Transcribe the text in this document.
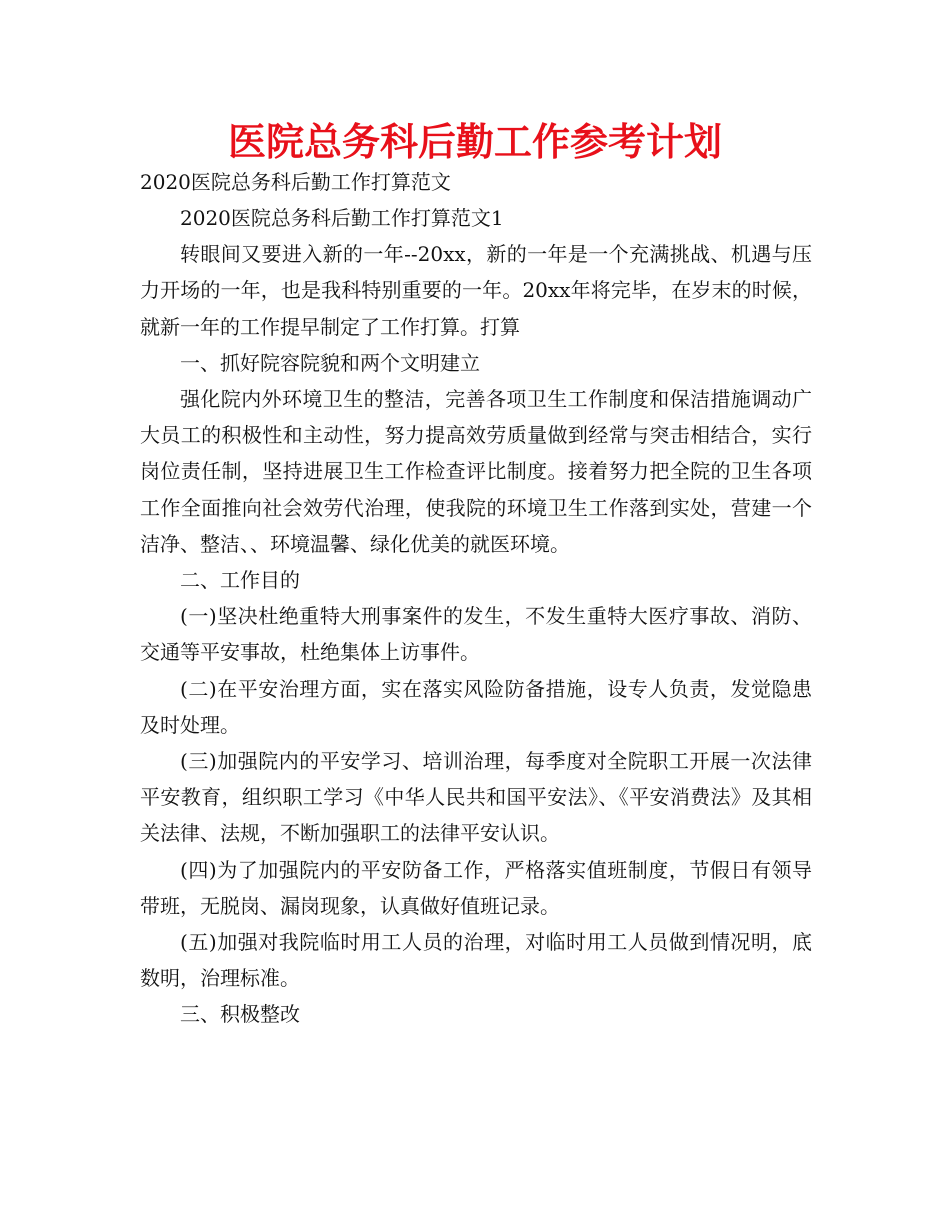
医院总务科后勤工作参考计划
2020医院总务科后勤工作打算范文

2020医院总务科后勤工作打算范文1

转眼间又要进入新的一年--20xx，新的一年是一个充满挑战、机遇与压力开场的一年，也是我科特别重要的一年。20xx年将完毕，在岁末的时候，就新一年的工作提早制定了工作打算。打算

一、抓好院容院貌和两个文明建立

强化院内外环境卫生的整洁，完善各项卫生工作制度和保洁措施调动广大员工的积极性和主动性，努力提高效劳质量做到经常与突击相结合，实行岗位责任制，坚持进展卫生工作检查评比制度。接着努力把全院的卫生各项工作全面推向社会效劳代治理，使我院的环境卫生工作落到实处，营建一个洁净、整洁、、环境温馨、绿化优美的就医环境。

二、工作目的

(一)坚决杜绝重特大刑事案件的发生，不发生重特大医疗事故、消防、交通等平安事故，杜绝集体上访事件。

(二)在平安治理方面，实在落实风险防备措施，设专人负责，发觉隐患及时处理。

(三)加强院内的平安学习、培训治理，每季度对全院职工开展一次法律平安教育，组织职工学习《中华人民共和国平安法》、《平安消费法》及其相关法律、法规，不断加强职工的法律平安认识。

(四)为了加强院内的平安防备工作，严格落实值班制度，节假日有领导带班，无脱岗、漏岗现象，认真做好值班记录。

(五)加强对我院临时用工人员的治理，对临时用工人员做到情况明，底数明，治理标准。

三、积极整改
